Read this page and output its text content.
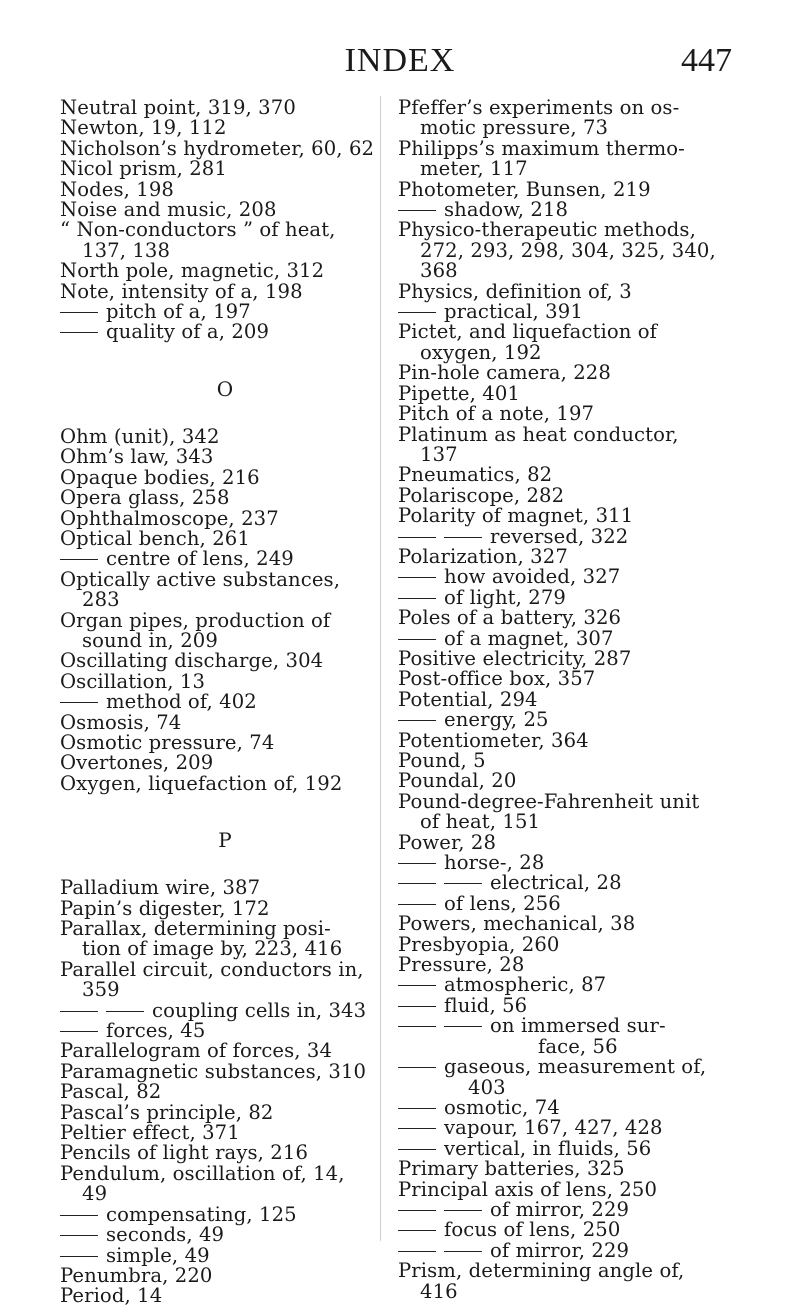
INDEX	447
Neutral point, 319, 370
Newton, 19, 112
Nicholson’s hydrometer, 60, 62
Nicol prism, 281
Nodes, 198
Noise and music, 208
“ Non-conductors ” of heat,
137, 138
North pole, magnetic, 312
Note, intensity of a, 198
pitch of a, 197
quality of a, 209
O
Ohm (unit), 342
Ohm’s law, 343
Opaque bodies, 216
Opera glass, 258
Ophthalmoscope, 237
Optical bench, 261
centre of lens, 249
Optically active substances,
283
Organ pipes, production of
sound in, 209
Oscillating discharge, 304
Oscillation, 13
method of, 402
Osmosis, 74
Osmotic pressure, 74
Overtones, 209
Oxygen, liquefaction of, 192
P
Palladium wire, 387
Papin’s digester, 172
Parallax, determining posi-
tion of image by, 223, 416
Parallel circuit, conductors in,
359
coupling cells in, 343
forces, 45
Parallelogram of forces, 34
Paramagnetic substances, 310
Pascal, 82
Pascal’s principle, 82
Peltier effect, 371
Pencils of light rays, 216
Pendulum, oscillation of, 14,
49
compensating, 125
seconds, 49
simple, 49
Penumbra, 220
Period, 14
Pfeffer’s experiments on os-
motic pressure, 73
Philipps’s maximum thermo-
meter, 117
Photometer, Bunsen, 219
shadow, 218
Physico-therapeutic methods,
272, 293, 298, 304, 325, 340,
368
Physics, definition of, 3
practical, 391
Pictet, and liquefaction of
oxygen, 192
Pin-hole camera, 228
Pipette, 401
Pitch of a note, 197
Platinum as heat conductor,
137
Pneumatics, 82
Polariscope, 282
Polarity of magnet, 311
reversed, 322
Polarization, 327
how avoided, 327
of light, 279
Poles of a battery, 326
of a magnet, 307
Positive electricity, 287
Post-office box, 357
Potential, 294
energy, 25
Potentiometer, 364
Pound, 5
Poundal, 20
Pound-degree-Fahrenheit unit
of heat, 151
Power, 28
horse-, 28
electrical, 28
of lens, 256
Powers, mechanical, 38
Presbyopia, 260
Pressure, 28
atmospheric, 87
fluid, 56
on immersed sur-
face, 56
gaseous, measurement of,
403
osmotic, 74
vapour, 167, 427, 428
vertical, in fluids, 56
Primary batteries, 325
Principal axis of lens, 250
of mirror, 229
focus of lens, 250
of mirror, 229
Prism, determining angle of,
416
